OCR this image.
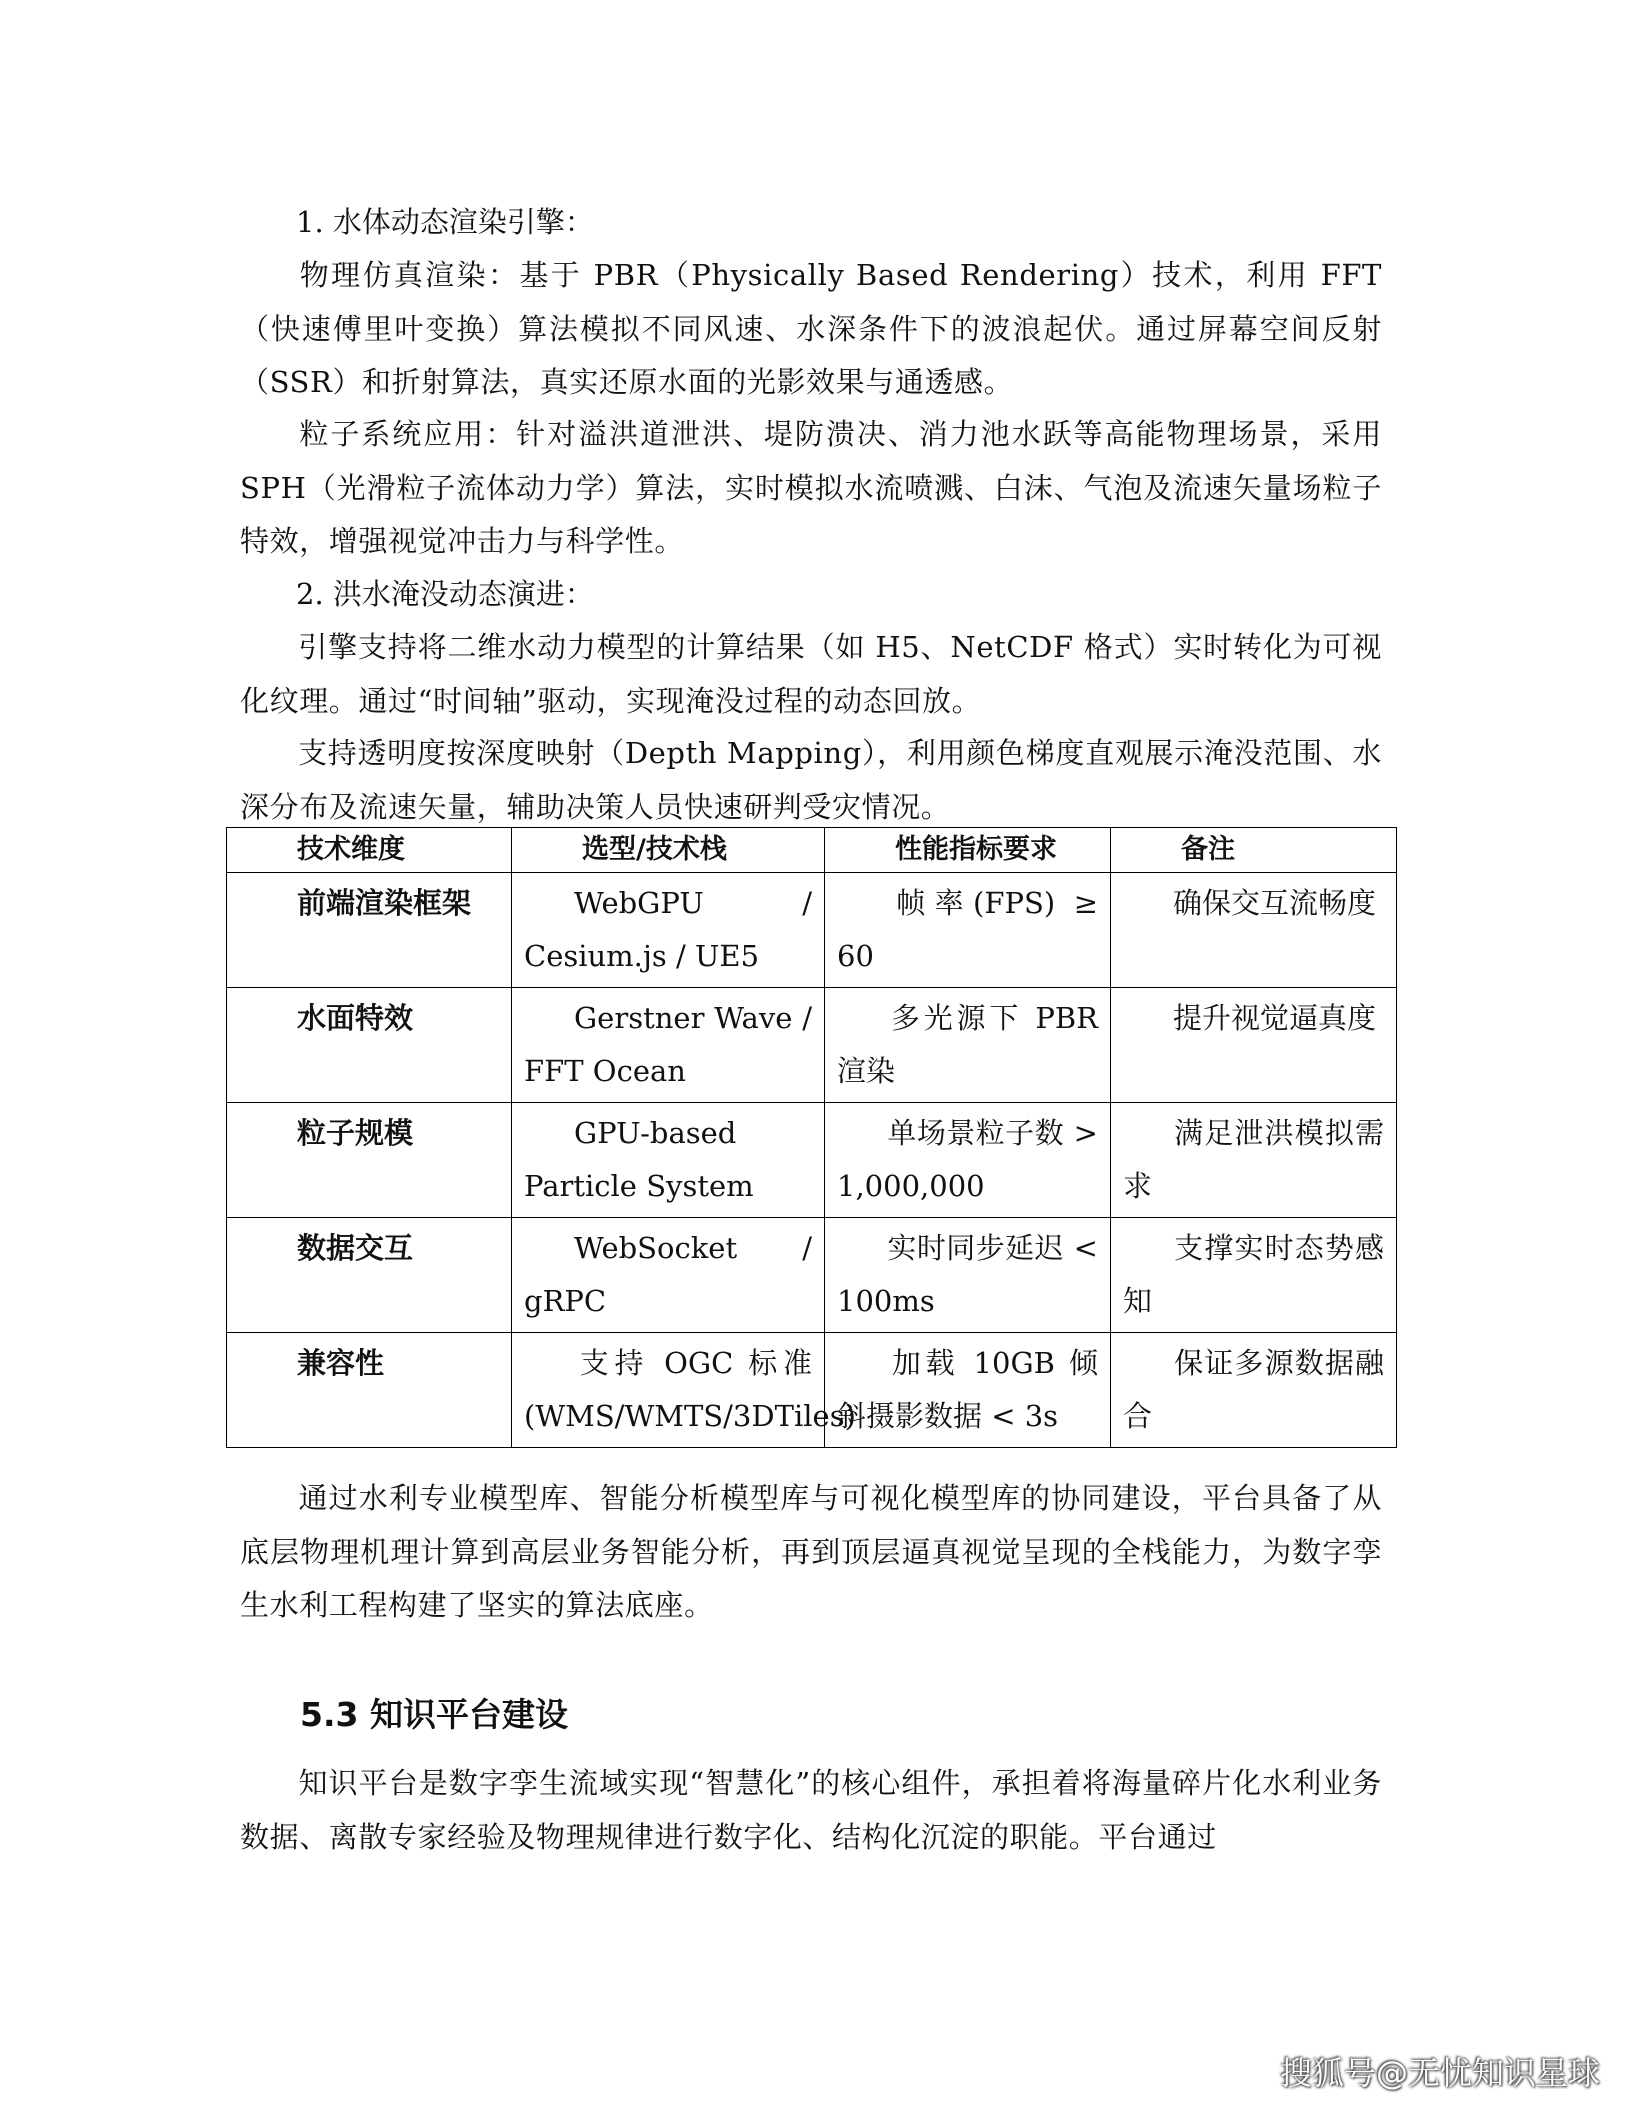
1. 水体动态渲染引擎：

物理仿真渲染：基于 PBR（Physically Based Rendering）技术，利用 FFT（快速傅里叶变换）算法模拟不同风速、水深条件下的波浪起伏。通过屏幕空间反射（SSR）和折射算法，真实还原水面的光影效果与通透感。

粒子系统应用：针对溢洪道泄洪、堤防溃决、消力池水跃等高能物理场景，采用 SPH（光滑粒子流体动力学）算法，实时模拟水流喷溅、白沫、气泡及流速矢量场粒子特效，增强视觉冲击力与科学性。

2. 洪水淹没动态演进：

引擎支持将二维水动力模型的计算结果（如 H5、NetCDF 格式）实时转化为可视化纹理。通过“时间轴”驱动，实现淹没过程的动态回放。

支持透明度按深度映射（Depth Mapping），利用颜色梯度直观展示淹没范围、水深分布及流速矢量，辅助决策人员快速研判受灾情况。

技术维度	选型/技术栈	性能指标要求	备注
前端渲染框架	WebGPU / Cesium.js / UE5	帧率(FPS) ≥ 60	确保交互流畅度
水面特效	Gerstner Wave / FFT Ocean	多光源下 PBR 渲染	提升视觉逼真度
粒子规模	GPU-based Particle System	单场景粒子数 > 1,000,000	满足泄洪模拟需求
数据交互	WebSocket / gRPC	实时同步延迟 < 100ms	支撑实时态势感知
兼容性	支持 OGC 标准(WMS/WMTS/3DTiles)	加载 10GB 倾斜摄影数据 < 3s	保证多源数据融合

通过水利专业模型库、智能分析模型库与可视化模型库的协同建设，平台具备了从底层物理机理计算到高层业务智能分析，再到顶层逼真视觉呈现的全栈能力，为数字孪生水利工程构建了坚实的算法底座。

5.3 知识平台建设

知识平台是数字孪生流域实现“智慧化”的核心组件，承担着将海量碎片化水利业务数据、离散专家经验及物理规律进行数字化、结构化沉淀的职能。平台通过

搜狐号@无忧知识星球
